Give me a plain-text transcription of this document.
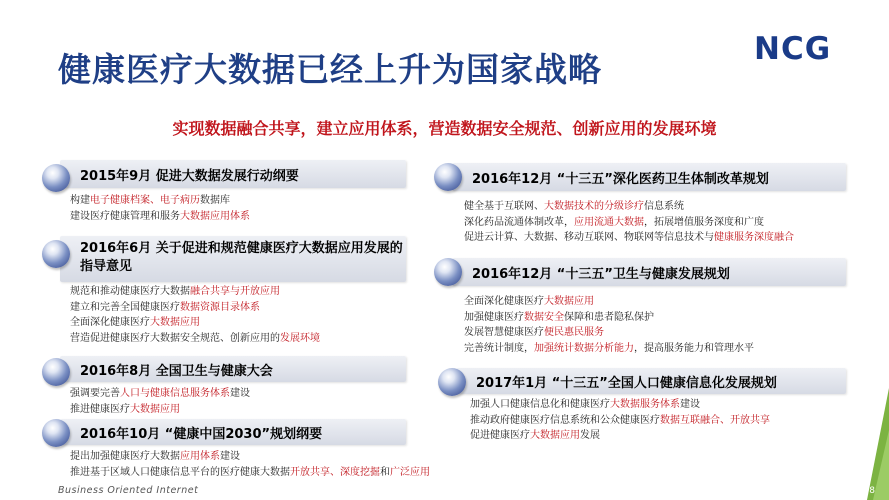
健康医疗大数据已经上升为国家战略
NCG
实现数据融合共享，建立应用体系，营造数据安全规范、创新应用的发展环境
2015年9月 促进大数据发展行动纲要
构建电子健康档案、电子病历数据库
建设医疗健康管理和服务大数据应用体系
2016年6月 关于促进和规范健康医疗大数据应用发展的指导意见
规范和推动健康医疗大数据融合共享与开放应用
建立和完善全国健康医疗数据资源目录体系
全面深化健康医疗大数据应用
营造促进健康医疗大数据安全规范、创新应用的发展环境
2016年8月 全国卫生与健康大会
强调要完善人口与健康信息服务体系建设
推进健康医疗大数据应用
2016年10月 “健康中国2030”规划纲要
提出加强健康医疗大数据应用体系建设
推进基于区域人口健康信息平台的医疗健康大数据开放共享、深度挖掘和广泛应用
2016年12月 “十三五”深化医药卫生体制改革规划
健全基于互联网、大数据技术的分级诊疗信息系统
深化药品流通体制改革，应用流通大数据，拓展增值服务深度和广度
促进云计算、大数据、移动互联网、物联网等信息技术与健康服务深度融合
2016年12月 “十三五”卫生与健康发展规划
全面深化健康医疗大数据应用
加强健康医疗数据安全保障和患者隐私保护
发展智慧健康医疗便民惠民服务
完善统计制度，加强统计数据分析能力，提高服务能力和管理水平
2017年1月 “十三五”全国人口健康信息化发展规划
加强人口健康信息化和健康医疗大数据服务体系建设
推动政府健康医疗信息系统和公众健康医疗数据互联融合、开放共享
促进健康医疗大数据应用发展
Business Oriented Internet	8
